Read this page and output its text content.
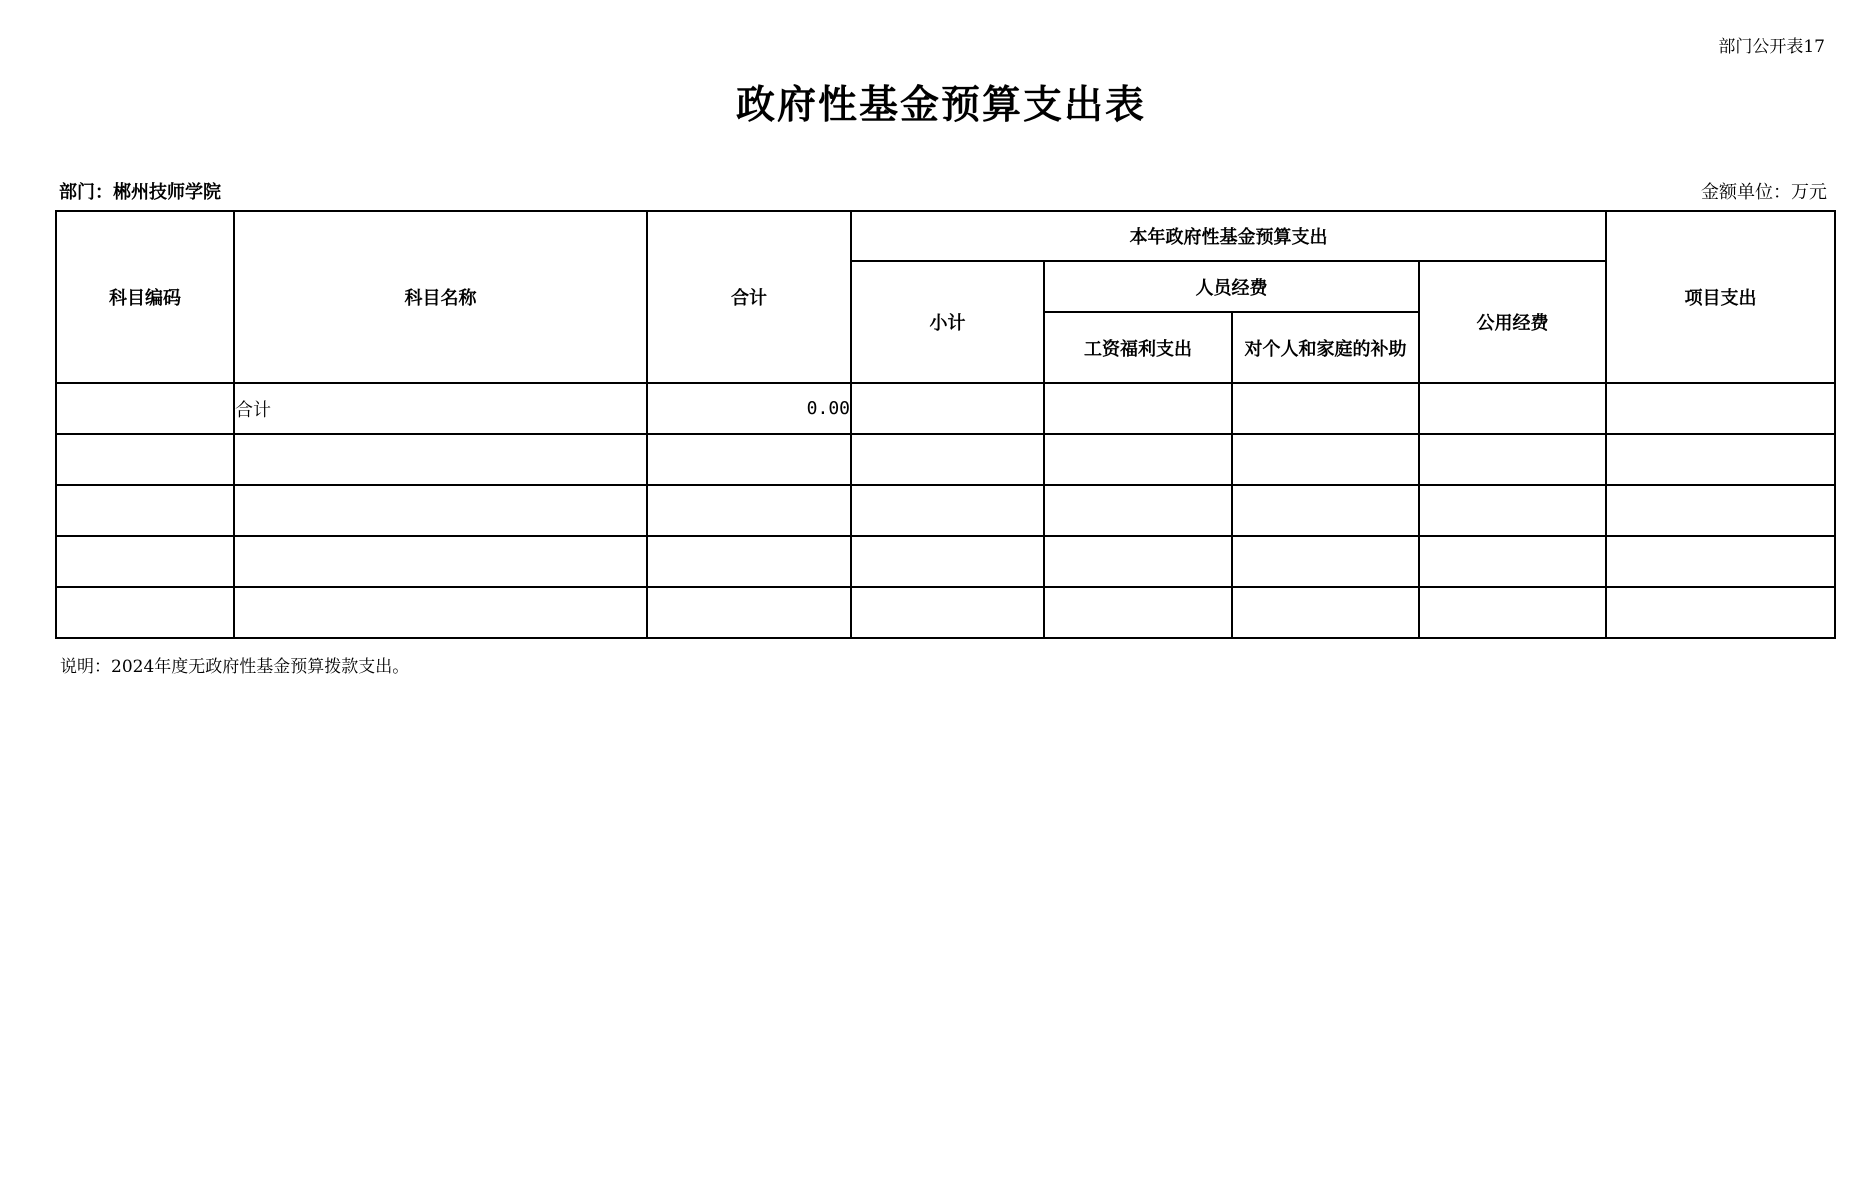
部门公开表17
政府性基金预算支出表
部门：郴州技师学院	金额单位：万元
科目编码	科目名称	合计	本年政府性基金预算支出				项目支出
			小计	人员经费		公用经费	
				工资福利支出	对个人和家庭的补助		
	合计	0.00					

说明：2024年度无政府性基金预算拨款支出。
